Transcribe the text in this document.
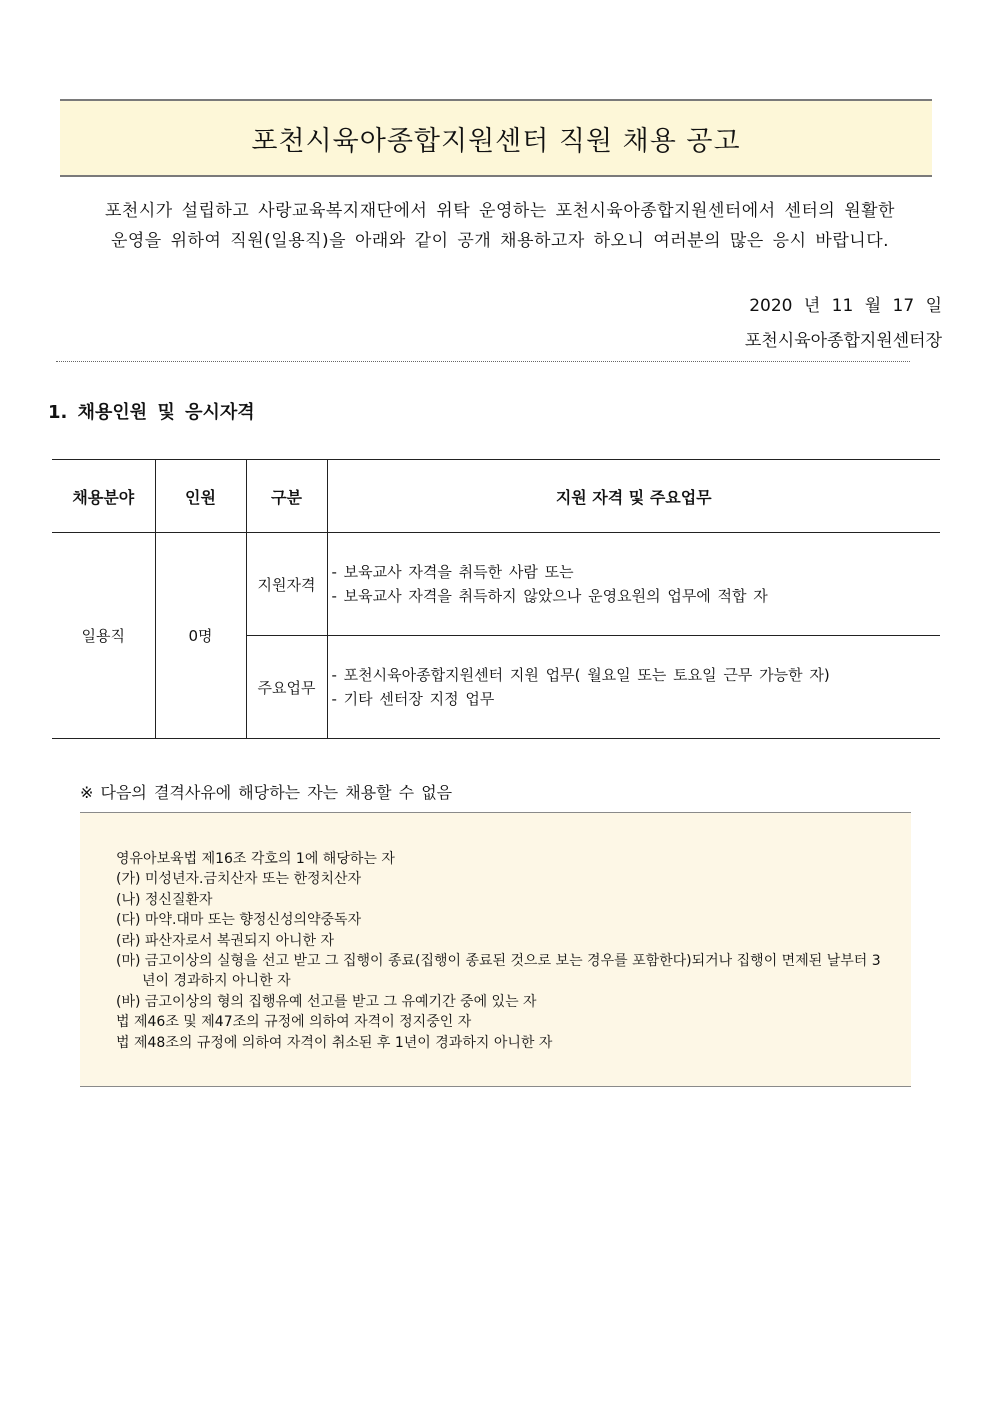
포천시육아종합지원센터 직원 채용 공고
포천시가 설립하고 사랑교육복지재단에서 위탁 운영하는 포천시육아종합지원센터에서 센터의 원활한
운영을 위하여 직원(일용직)을 아래와 같이 공개 채용하고자 하오니 여러분의 많은 응시 바랍니다.
2020 년 11 월 17 일
포천시육아종합지원센터장
1. 채용인원 및 응시자격
채용분야	인원	구분	지원 자격 및 주요업무
일용직	0명	지원자격	- 보육교사 자격을 취득한 사람 또는
- 보육교사 자격을 취득하지 않았으나 운영요원의 업무에 적합 자

		주요업무	- 포천시육아종합지원센터 지원 업무( 월요일 또는 토요일 근무 가능한 자)
- 기타 센터장 지정 업무
※ 다음의 결격사유에 해당하는 자는 채용할 수 없음
영유아보육법 제16조 각호의 1에 해당하는 자
(가) 미성년자.금치산자 또는 한정치산자
(나) 정신질환자
(다) 마약.대마 또는 향정신성의약중독자
(라) 파산자로서 복권되지 아니한 자
(마) 금고이상의 실형을 선고 받고 그 집행이 종료(집행이 종료된 것으로 보는 경우를 포함한다)되거나 집행이 면제된 날부터 3년이 경과하지 아니한 자
(바) 금고이상의 형의 집행유예 선고를 받고 그 유예기간 중에 있는 자
법 제46조 및 제47조의 규정에 의하여 자격이 정지중인 자
법 제48조의 규정에 의하여 자격이 취소된 후 1년이 경과하지 아니한 자
